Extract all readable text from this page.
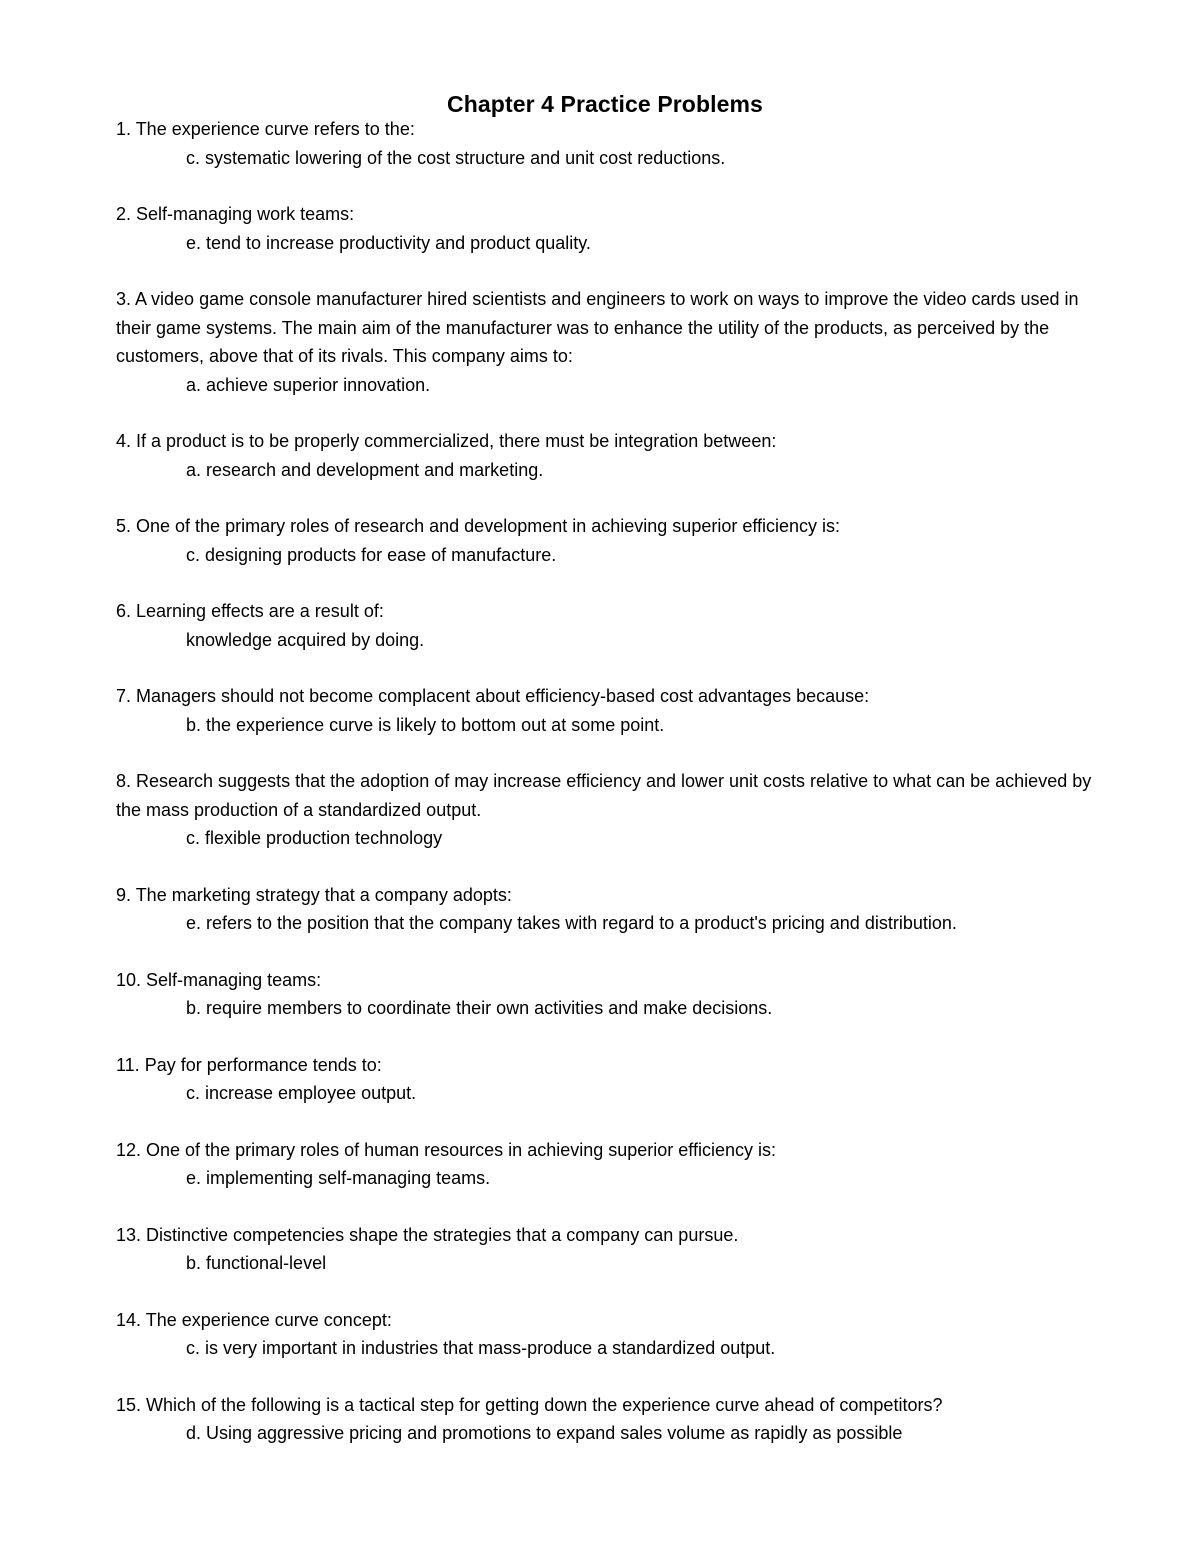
Chapter 4 Practice Problems

1. The experience curve refers to the:

c. systematic lowering of the cost structure and unit cost reductions.

2. Self-managing work teams:

e. tend to increase productivity and product quality.

3. A video game console manufacturer hired scientists and engineers to work on ways to improve the video cards used in their game systems. The main aim of the manufacturer was to enhance the utility of the products, as perceived by the customers, above that of its rivals. This company aims to:

a. achieve superior innovation.

4. If a product is to be properly commercialized, there must be integration between:

a. research and development and marketing.

5. One of the primary roles of research and development in achieving superior efficiency is:

c. designing products for ease of manufacture.

6. Learning effects are a result of:

knowledge acquired by doing.

7. Managers should not become complacent about efficiency-based cost advantages because:

b. the experience curve is likely to bottom out at some point.

8. Research suggests that the adoption of may increase efficiency and lower unit costs relative to what can be achieved by the mass production of a standardized output.

c. flexible production technology

9. The marketing strategy that a company adopts:

e. refers to the position that the company takes with regard to a product's pricing and distribution.

10. Self-managing teams:

b. require members to coordinate their own activities and make decisions.

11. Pay for performance tends to:

c. increase employee output.

12. One of the primary roles of human resources in achieving superior efficiency is:

e. implementing self-managing teams.

13. Distinctive competencies shape the strategies that a company can pursue.

b. functional-level

14. The experience curve concept:

c. is very important in industries that mass-produce a standardized output.

15. Which of the following is a tactical step for getting down the experience curve ahead of competitors?

d. Using aggressive pricing and promotions to expand sales volume as rapidly as possible
